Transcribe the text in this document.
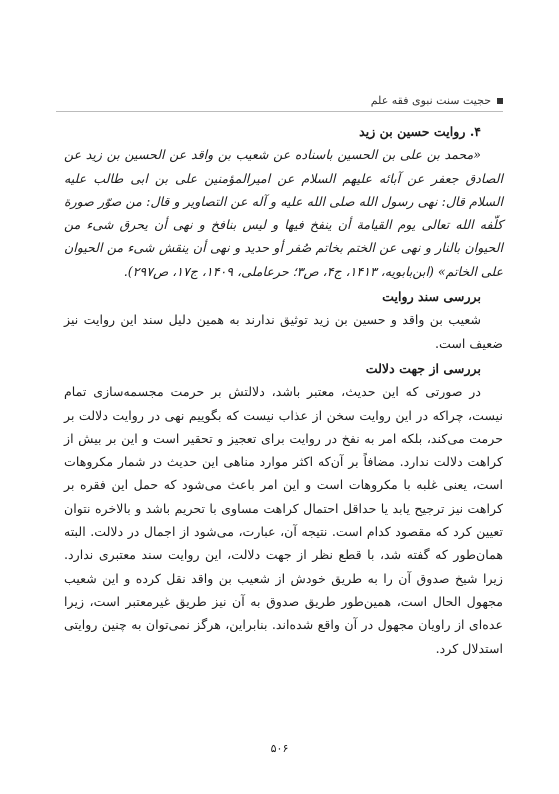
حجیت سنت نبوی فقه علم

۴. روایت حسین بن زید

«محمد بن علی بن الحسین باسناده عن شعیب بن واقد عن الحسین بن زید عن الصادق جعفر عن آبائه علیهم السلام عن امیرالمؤمنین علی بن ابی طالب علیه السلام قال: نهی رسول الله صلی الله علیه و آله عن التصاویر و قال: من صوّر صورة کلّفه الله تعالی یوم القیامة أن ینفخ فیها و لیس بنافخ و نهی أن یحرق شیء من الحیوان بالنار و نهی عن الختم بخاتم صُفر أو حدید و نهی أن ینقش شیء من الحیوان علی الخاتم» (ابن‌بابویه، ۱۴۱۳، ج۴، ص۳؛ حرعاملی، ۱۴۰۹، ج۱۷، ص۲۹۷).

بررسی سند روایت

شعیب بن واقد و حسین بن زید توثیق ندارند به همین دلیل سند این روایت نیز ضعیف است.

بررسی از جهت دلالت

در صورتی که این حدیث، معتبر باشد، دلالتش بر حرمت مجسمه‌سازی تمام نیست، چراکه در این روایت سخن از عذاب نیست که بگوییم نهی در روایت دلالت بر حرمت می‌کند، بلکه امر به نفخ در روایت برای تعجیز و تحقیر است و این بر بیش از کراهت دلالت ندارد. مضافاً بر آن‌که اکثر موارد مناهی این حدیث در شمار مکروهات است، یعنی غلبه با مکروهات است و این امر باعث می‌شود که حمل این فقره بر کراهت نیز ترجیح یابد یا حداقل احتمال کراهت مساوی با تحریم باشد و بالاخره نتوان تعیین کرد که مقصود کدام است. نتیجه آن، عبارت، می‌شود از اجمال در دلالت. البته همان‌طور که گفته شد، با قطع نظر از جهت دلالت، این روایت سند معتبری ندارد. زیرا شیخ صدوق آن را به طریق خودش از شعیب بن واقد نقل کرده و این شعیب مجهول الحال است، همین‌طور طریق صدوق به آن نیز طریق غیرمعتبر است، زیرا عده‌ای از راویان مجهول در آن واقع شده‌اند. بنابراین، هرگز نمی‌توان به چنین روایتی استدلال کرد.

۵۰۶
